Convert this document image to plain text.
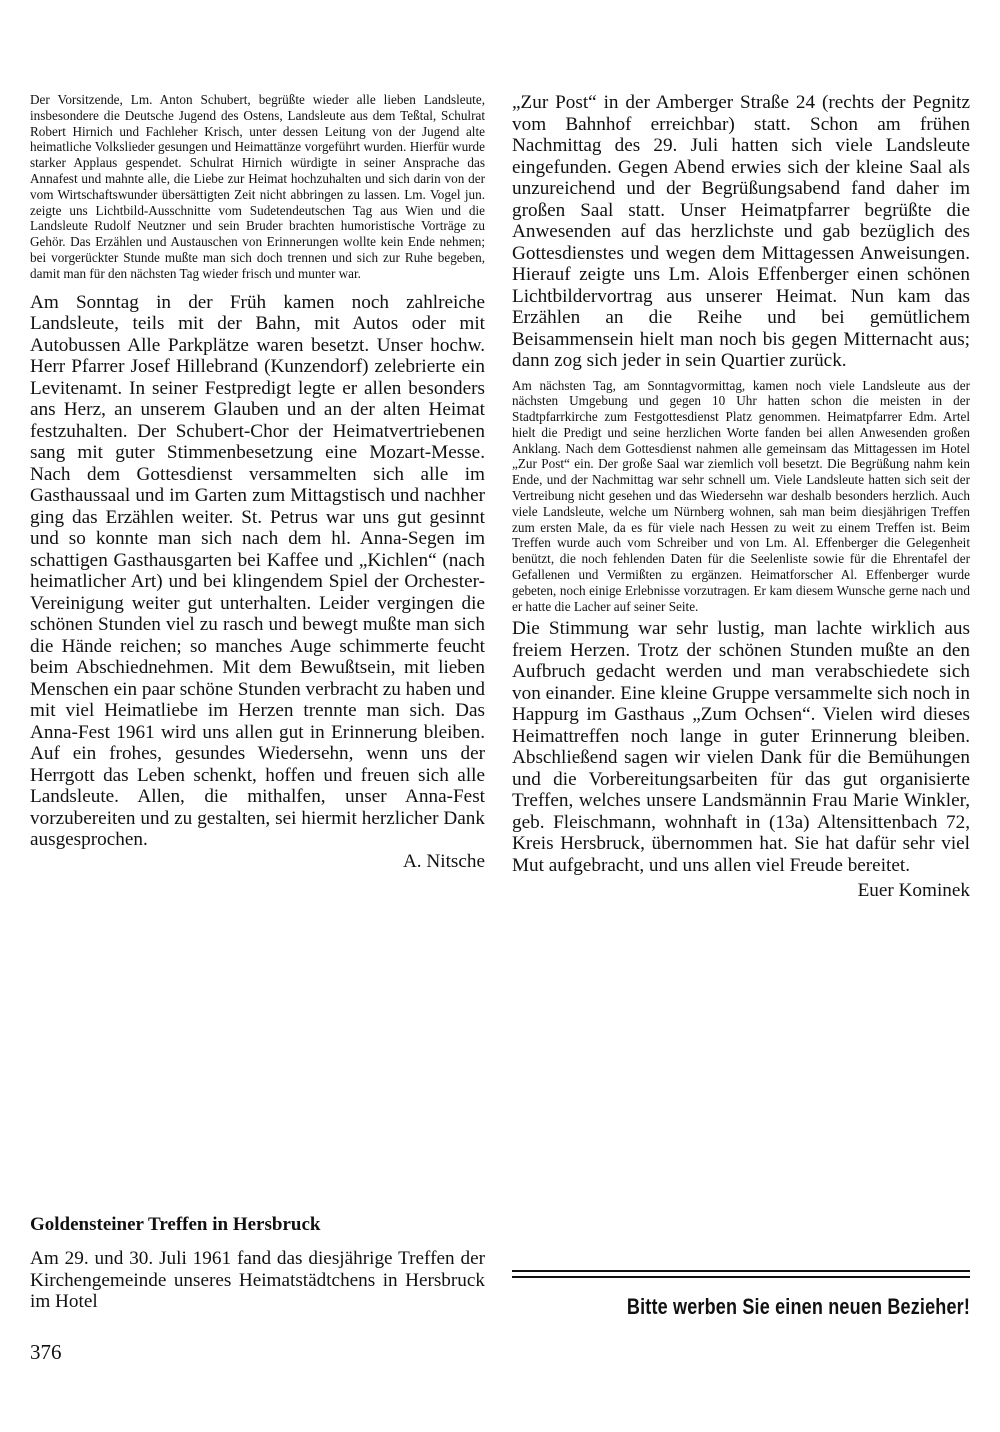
Der Vorsitzende, Lm. Anton Schubert, begrüßte wieder alle lieben Landsleute, insbesondere die Deutsche Jugend des Ostens, Landsleute aus dem Teßtal, Schulrat Robert Hirnich und Fachleher Krisch, unter dessen Leitung von der Jugend alte heimatliche Volkslieder gesungen und Heimattänze vorgeführt wurden. Hierfür wurde starker Applaus gespendet. Schulrat Hirnich würdigte in seiner Ansprache das Annafest und mahnte alle, die Liebe zur Heimat hochzuhalten und sich darin von der vom Wirtschaftswunder übersättigten Zeit nicht abbringen zu lassen. Lm. Vogel jun. zeigte uns Lichtbild-Ausschnitte vom Sudetendeutschen Tag aus Wien und die Landsleute Rudolf Neutzner und sein Bruder brachten humoristische Vorträge zu Gehör. Das Erzählen und Austauschen von Erinnerungen wollte kein Ende nehmen; bei vorgerückter Stunde mußte man sich doch trennen und sich zur Ruhe begeben, damit man für den nächsten Tag wieder frisch und munter war.

Am Sonntag in der Früh kamen noch zahlreiche Landsleute, teils mit der Bahn, mit Autos oder mit Autobussen Alle Parkplätze waren besetzt. Unser hochw. Herr Pfarrer Josef Hillebrand (Kunzendorf) zelebrierte ein Levitenamt. In seiner Festpredigt legte er allen besonders ans Herz, an unserem Glauben und an der alten Heimat festzuhalten. Der Schubert-Chor der Heimatvertriebenen sang mit guter Stimmenbesetzung eine Mozart-Messe. Nach dem Gottesdienst versammelten sich alle im Gasthaussaal und im Garten zum Mittagstisch und nachher ging das Erzählen weiter. St. Petrus war uns gut gesinnt und so konnte man sich nach dem hl. Anna-Segen im schattigen Gasthausgarten bei Kaffee und „Kichlen“ (nach heimatlicher Art) und bei klingendem Spiel der Orchester-Vereinigung weiter gut unterhalten. Leider vergingen die schönen Stunden viel zu rasch und bewegt mußte man sich die Hände reichen; so manches Auge schimmerte feucht beim Abschiednehmen. Mit dem Bewußtsein, mit lieben Menschen ein paar schöne Stunden verbracht zu haben und mit viel Heimatliebe im Herzen trennte man sich. Das Anna-Fest 1961 wird uns allen gut in Erinnerung bleiben. Auf ein frohes, gesundes Wiedersehn, wenn uns der Herrgott das Leben schenkt, hoffen und freuen sich alle Landsleute. Allen, die mithalfen, unser Anna-Fest vorzubereiten und zu gestalten, sei hiermit herzlicher Dank ausgesprochen.

A. Nitsche

Goldensteiner Treffen in Hersbruck

Am 29. und 30. Juli 1961 fand das diesjährige Treffen der Kirchengemeinde unseres Heimatstädtchens in Hersbruck im Hotel

376

„Zur Post“ in der Amberger Straße 24 (rechts der Pegnitz vom Bahnhof erreichbar) statt. Schon am frühen Nachmittag des 29. Juli hatten sich viele Landsleute eingefunden. Gegen Abend erwies sich der kleine Saal als unzureichend und der Begrüßungsabend fand daher im großen Saal statt. Unser Heimatpfarrer begrüßte die Anwesenden auf das herzlichste und gab bezüglich des Gottesdienstes und wegen dem Mittagessen Anweisungen. Hierauf zeigte uns Lm. Alois Effenberger einen schönen Lichtbildervortrag aus unserer Heimat. Nun kam das Erzählen an die Reihe und bei gemütlichem Beisammensein hielt man noch bis gegen Mitternacht aus; dann zog sich jeder in sein Quartier zurück.

Am nächsten Tag, am Sonntagvormittag, kamen noch viele Landsleute aus der nächsten Umgebung und gegen 10 Uhr hatten schon die meisten in der Stadtpfarrkirche zum Festgottesdienst Platz genommen. Heimatpfarrer Edm. Artel hielt die Predigt und seine herzlichen Worte fanden bei allen Anwesenden großen Anklang. Nach dem Gottesdienst nahmen alle gemeinsam das Mittagessen im Hotel „Zur Post“ ein. Der große Saal war ziemlich voll besetzt. Die Begrüßung nahm kein Ende, und der Nachmittag war sehr schnell um. Viele Landsleute hatten sich seit der Vertreibung nicht gesehen und das Wiedersehn war deshalb besonders herzlich. Auch viele Landsleute, welche um Nürnberg wohnen, sah man beim diesjährigen Treffen zum ersten Male, da es für viele nach Hessen zu weit zu einem Treffen ist. Beim Treffen wurde auch vom Schreiber und von Lm. Al. Effenberger die Gelegenheit benützt, die noch fehlenden Daten für die Seelenliste sowie für die Ehrentafel der Gefallenen und Vermißten zu ergänzen. Heimatforscher Al. Effenberger wurde gebeten, noch einige Erlebnisse vorzutragen. Er kam diesem Wunsche gerne nach und er hatte die Lacher auf seiner Seite.

Die Stimmung war sehr lustig, man lachte wirklich aus freiem Herzen. Trotz der schönen Stunden mußte an den Aufbruch gedacht werden und man verabschiedete sich von einander. Eine kleine Gruppe versammelte sich noch in Happurg im Gasthaus „Zum Ochsen“. Vielen wird dieses Heimattreffen noch lange in guter Erinnerung bleiben. Abschließend sagen wir vielen Dank für die Bemühungen und die Vorbereitungsarbeiten für das gut organisierte Treffen, welches unsere Landsmännin Frau Marie Winkler, geb. Fleischmann, wohnhaft in (13a) Altensittenbach 72, Kreis Hersbruck, übernommen hat. Sie hat dafür sehr viel Mut aufgebracht, und uns allen viel Freude bereitet.

Euer Kominek

Bitte werben Sie einen neuen Bezieher!
